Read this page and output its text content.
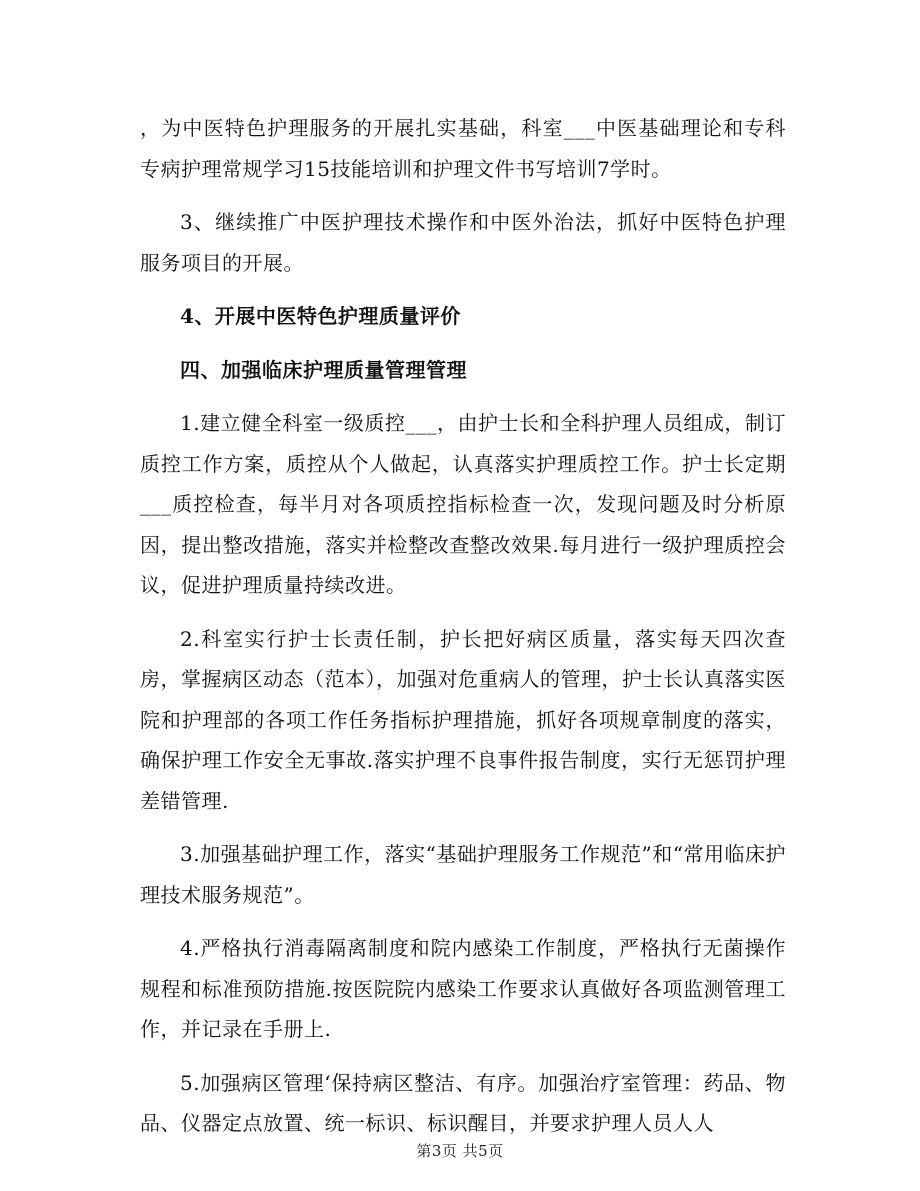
，为中医特色护理服务的开展扎实基础，科室___中医基础理论和专科专病护理常规学习15技能培训和护理文件书写培训7学时。

3、继续推广中医护理技术操作和中医外治法，抓好中医特色护理服务项目的开展。

4、开展中医特色护理质量评价

四、加强临床护理质量管理管理

1.建立健全科室一级质控___，由护士长和全科护理人员组成，制订质控工作方案，质控从个人做起，认真落实护理质控工作。护士长定期___质控检查，每半月对各项质控指标检查一次，发现问题及时分析原因，提出整改措施，落实并检整改查整改效果.每月进行一级护理质控会议，促进护理质量持续改进。

2.科室实行护士长责任制，护长把好病区质量，落实每天四次查房，掌握病区动态（范本），加强对危重病人的管理，护士长认真落实医院和护理部的各项工作任务指标护理措施，抓好各项规章制度的落实，确保护理工作安全无事故.落实护理不良事件报告制度，实行无惩罚护理差错管理.

3.加强基础护理工作，落实“基础护理服务工作规范”和“常用临床护理技术服务规范”。

4.严格执行消毒隔离制度和院内感染工作制度，严格执行无菌操作规程和标准预防措施.按医院院内感染工作要求认真做好各项监测管理工作，并记录在手册上.

5.加强病区管理‘保持病区整洁、有序。加强治疗室管理：药品、物品、仪器定点放置、统一标识、标识醒目，并要求护理人员人人

第3页 共5页
